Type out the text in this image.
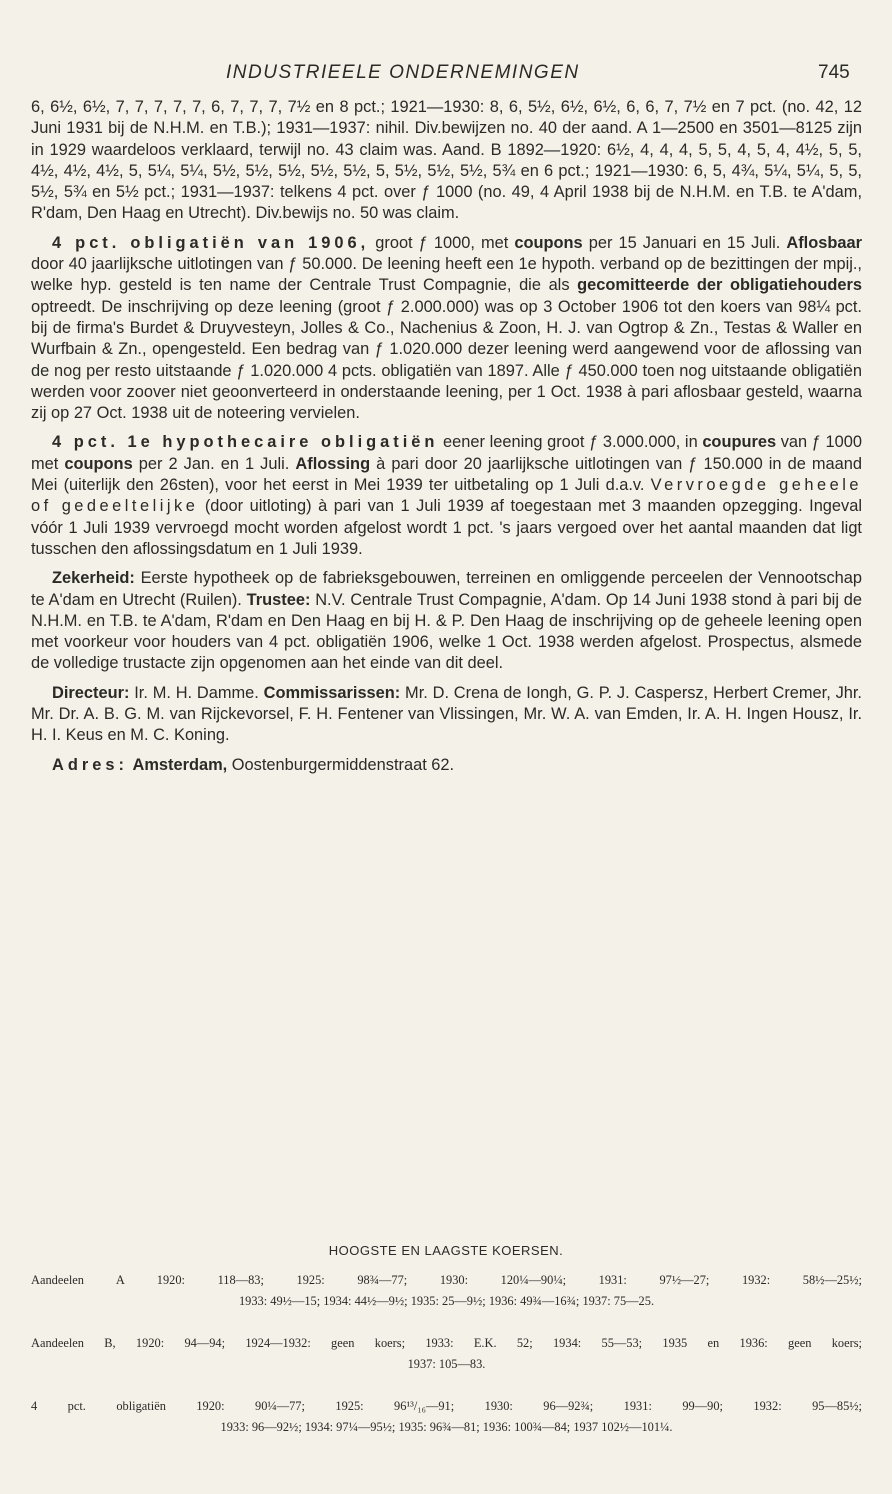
INDUSTRIEELE ONDERNEMINGEN	745

6, 6½, 6½, 7, 7, 7, 7, 7, 6, 7, 7, 7, 7½ en 8 pct.; 1921—1930: 8, 6, 5½, 6½, 6½, 6, 6, 7, 7½ en 7 pct. (no. 42, 12 Juni 1931 bij de N.H.M. en T.B.); 1931—1937: nihil. Div.bewijzen no. 40 der aand. A 1—2500 en 3501—8125 zijn in 1929 waardeloos verklaard, terwijl no. 43 claim was. Aand. B 1892—1920: 6½, 4, 4, 4, 5, 5, 4, 5, 4, 4½, 5, 5, 4½, 4½, 4½, 5, 5¼, 5¼, 5½, 5½, 5½, 5½, 5½, 5, 5½, 5½, 5½, 5¾ en 6 pct.; 1921—1930: 6, 5, 4¾, 5¼, 5¼, 5, 5, 5½, 5¾ en 5½ pct.; 1931—1937: telkens 4 pct. over ƒ 1000 (no. 49, 4 April 1938 bij de N.H.M. en T.B. te A'dam, R'dam, Den Haag en Utrecht). Div.bewijs no. 50 was claim.

4 pct. obligatiën van 1906, groot ƒ 1000, met coupons per 15 Januari en 15 Juli. Aflosbaar door 40 jaarlijksche uitlotingen van ƒ 50.000. De leening heeft een 1e hypoth. verband op de bezittingen der mpij., welke hyp. gesteld is ten name der Centrale Trust Compagnie, die als gecomitteerde der obligatiehouders optreedt. De inschrijving op deze leening (groot ƒ 2.000.000) was op 3 October 1906 tot den koers van 98¼ pct. bij de firma's Burdet & Druyvesteyn, Jolles & Co., Nachenius & Zoon, H. J. van Ogtrop & Zn., Testas & Waller en Wurfbain & Zn., opengesteld. Een bedrag van ƒ 1.020.000 dezer leening werd aangewend voor de aflossing van de nog per resto uitstaande ƒ 1.020.000 4 pcts. obligatiën van 1897. Alle ƒ 450.000 toen nog uitstaande obligatiën werden voor zoover niet geoonverteerd in onderstaande leening, per 1 Oct. 1938 à pari aflosbaar gesteld, waarna zij op 27 Oct. 1938 uit de noteering vervielen.

4 pct. 1e hypothecaire obligatiën eener leening groot ƒ 3.000.000, in coupures van ƒ 1000 met coupons per 2 Jan. en 1 Juli. Aflossing à pari door 20 jaarlijksche uitlotingen van ƒ 150.000 in de maand Mei (uiterlijk den 26sten), voor het eerst in Mei 1939 ter uitbetaling op 1 Juli d.a.v. Vervroegde geheele of gedeeltelijke (door uitloting) à pari van 1 Juli 1939 af toegestaan met 3 maanden opzegging. Ingeval vóór 1 Juli 1939 vervroegd mocht worden afgelost wordt 1 pct. 's jaars vergoed over het aantal maanden dat ligt tusschen den aflossingsdatum en 1 Juli 1939.

Zekerheid: Eerste hypotheek op de fabrieksgebouwen, terreinen en omliggende perceelen der Vennootschap te A'dam en Utrecht (Ruilen). Trustee: N.V. Centrale Trust Compagnie, A'dam. Op 14 Juni 1938 stond à pari bij de N.H.M. en T.B. te A'dam, R'dam en Den Haag en bij H. & P. Den Haag de inschrijving op de geheele leening open met voorkeur voor houders van 4 pct. obligatiën 1906, welke 1 Oct. 1938 werden afgelost. Prospectus, alsmede de volledige trustacte zijn opgenomen aan het einde van dit deel.

Directeur: Ir. M. H. Damme. Commissarissen: Mr. D. Crena de Iongh, G. P. J. Caspersz, Herbert Cremer, Jhr. Mr. Dr. A. B. G. M. van Rijckevorsel, F. H. Fentener van Vlissingen, Mr. W. A. van Emden, Ir. A. H. Ingen Housz, Ir. H. I. Keus en M. C. Koning.

Adres: Amsterdam, Oostenburgermiddenstraat 62.

HOOGSTE EN LAAGSTE KOERSEN.
Aandeelen A 1920: 118—83; 1925: 98¾—77; 1930: 120¼—90¼; 1931: 97½—27; 1932: 58½—25½;
1933: 49½—15; 1934: 44½—9½; 1935: 25—9½; 1936: 49¾—16¾; 1937: 75—25.
Aandeelen B, 1920: 94—94; 1924—1932: geen koers; 1933: E.K. 52; 1934: 55—53; 1935 en 1936: geen koers;
1937: 105—83.
4 pct. obligatiën 1920: 90¼—77; 1925: 96¹³/₁₆—91; 1930: 96—92¾; 1931: 99—90; 1932: 95—85½;
1933: 96—92½; 1934: 97¼—95½; 1935: 96¾—81; 1936: 100¾—84; 1937 102½—101¼.
